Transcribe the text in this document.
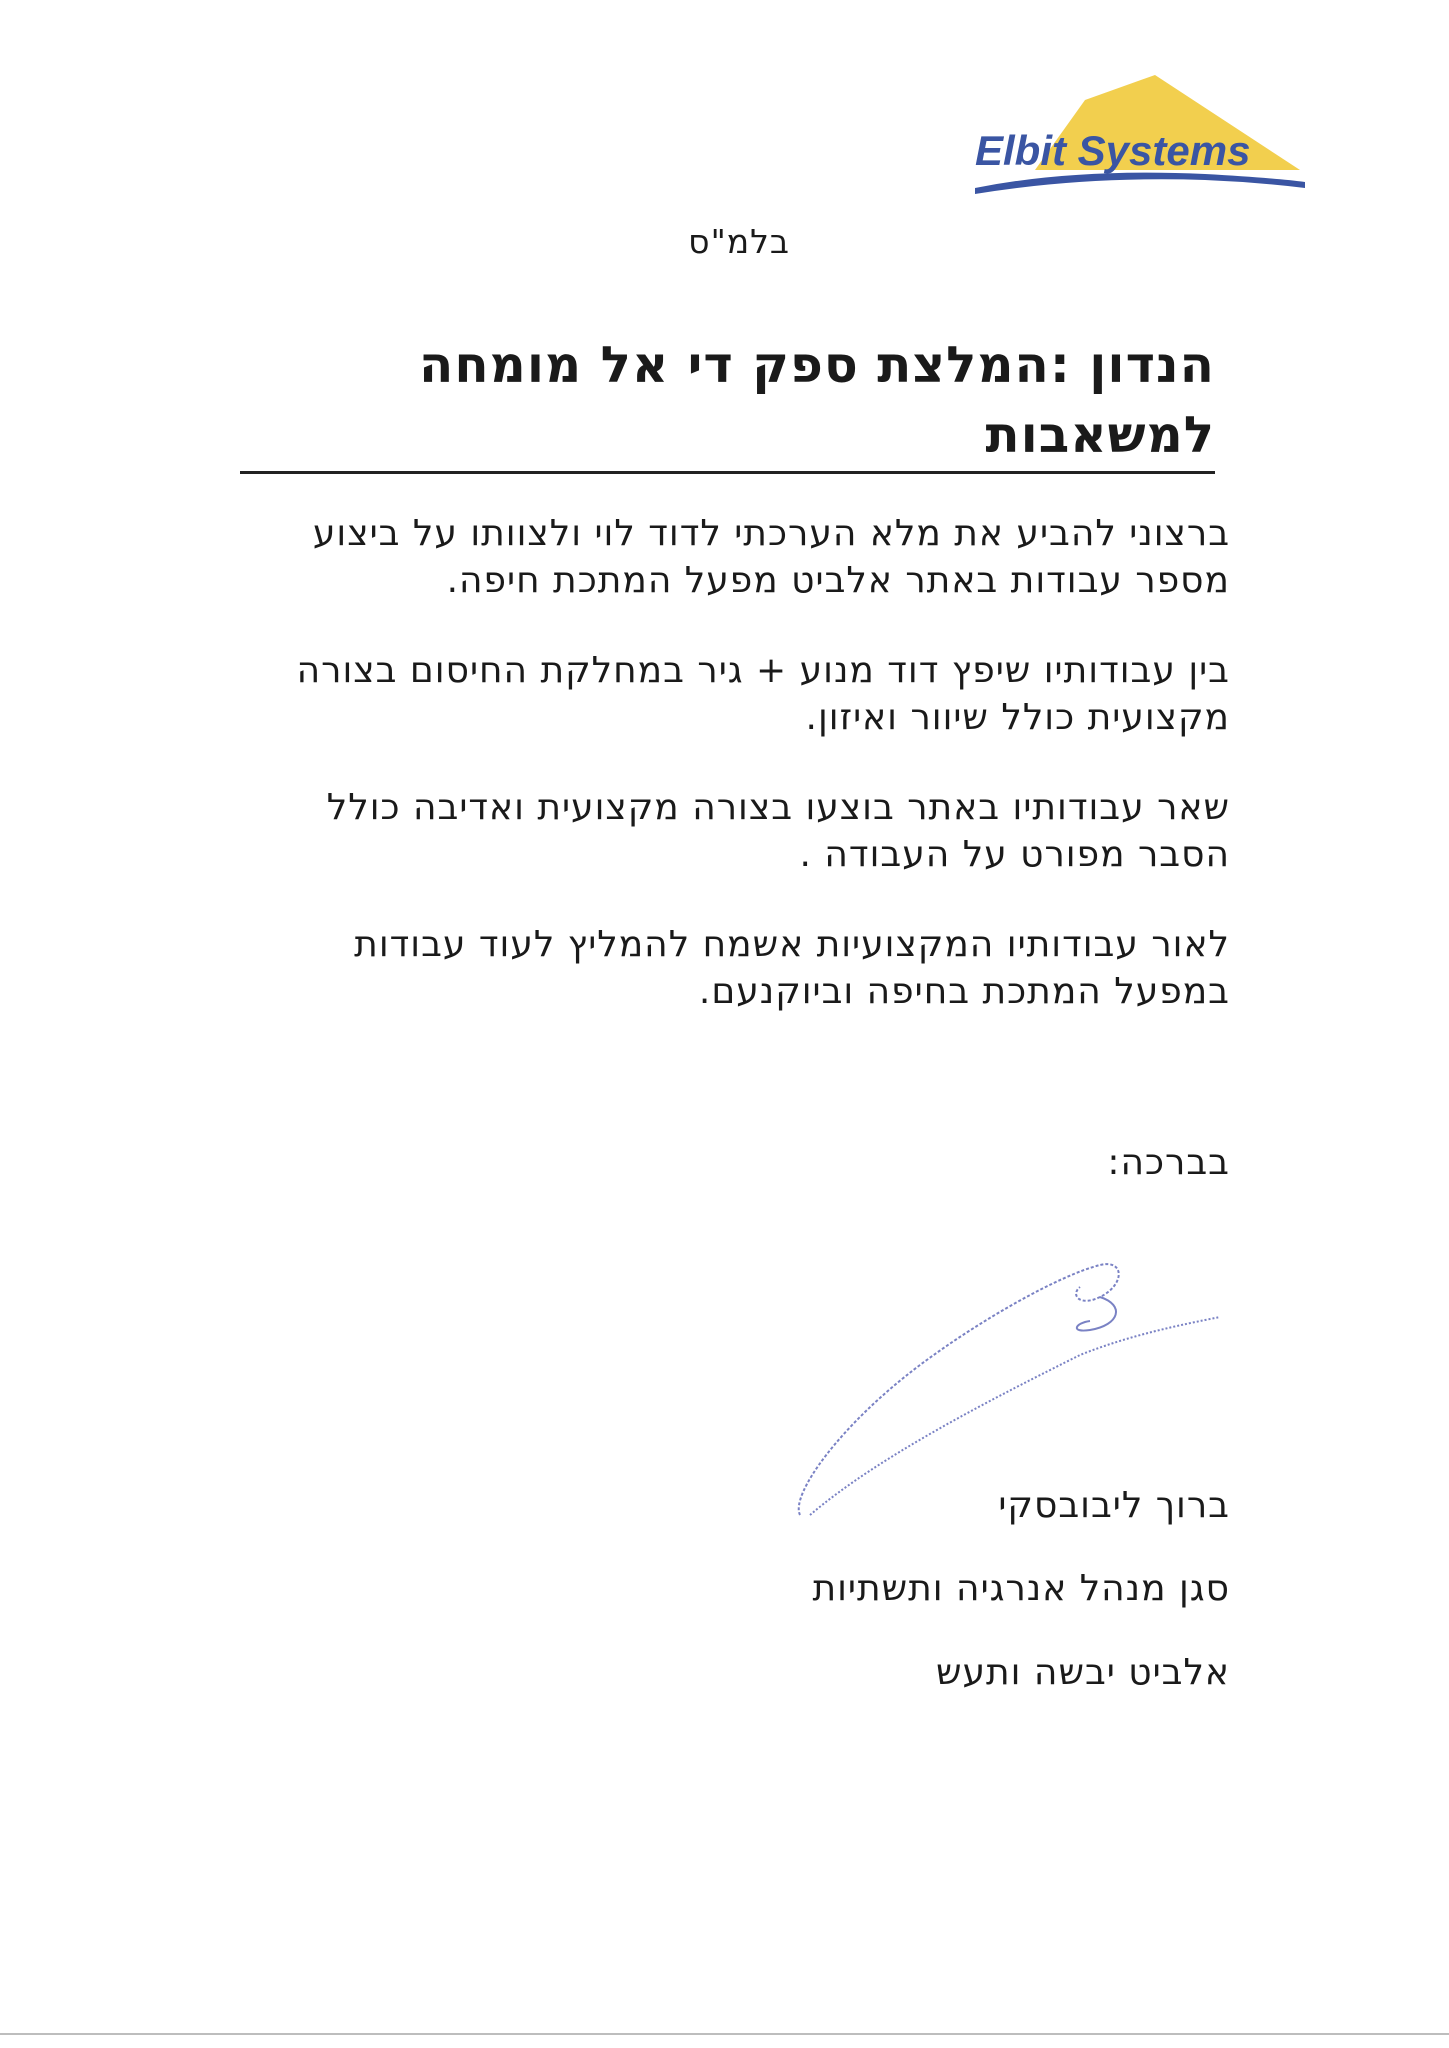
Elbit Systems
בלמ"ס
הנדון :המלצת ספק די אל מומחה למשאבות

ברצוני להביע את מלא הערכתי לדוד לוי ולצוותו על ביצוע
מספר עבודות באתר אלביט מפעל המתכת חיפה.

בין עבודותיו שיפץ דוד מנוע + גיר במחלקת החיסום בצורה
מקצועית כולל שיוור ואיזון.

שאר עבודותיו באתר בוצעו בצורה מקצועית ואדיבה כולל
הסבר מפורט על העבודה .

לאור עבודותיו המקצועיות אשמח להמליץ לעוד עבודות
במפעל המתכת בחיפה וביוקנעם.

בברכה:
ברוך ליבובסקי
סגן מנהל אנרגיה ותשתיות
אלביט יבשה ותעש
